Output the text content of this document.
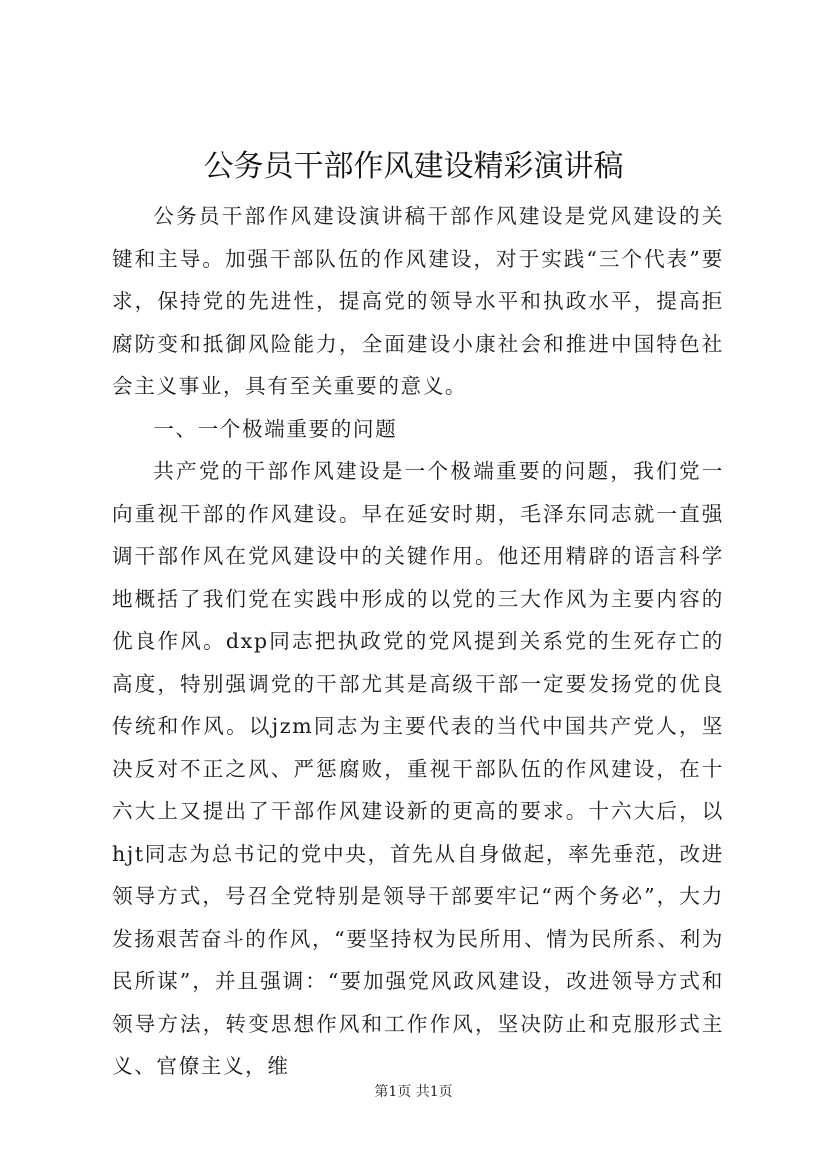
公务员干部作风建设精彩演讲稿

公务员干部作风建设演讲稿干部作风建设是党风建设的关键和主导。加强干部队伍的作风建设，对于实践“三个代表”要求，保持党的先进性，提高党的领导水平和执政水平，提高拒腐防变和抵御风险能力，全面建设小康社会和推进中国特色社会主义事业，具有至关重要的意义。

一、一个极端重要的问题

共产党的干部作风建设是一个极端重要的问题，我们党一向重视干部的作风建设。早在延安时期，毛泽东同志就一直强调干部作风在党风建设中的关键作用。他还用精辟的语言科学地概括了我们党在实践中形成的以党的三大作风为主要内容的优良作风。dxp同志把执政党的党风提到关系党的生死存亡的高度，特别强调党的干部尤其是高级干部一定要发扬党的优良传统和作风。以jzm同志为主要代表的当代中国共产党人，坚决反对不正之风、严惩腐败，重视干部队伍的作风建设，在十六大上又提出了干部作风建设新的更高的要求。十六大后，以hjt同志为总书记的党中央，首先从自身做起，率先垂范，改进领导方式，号召全党特别是领导干部要牢记“两个务必”，大力发扬艰苦奋斗的作风，“要坚持权为民所用、情为民所系、利为民所谋”，并且强调：“要加强党风政风建设，改进领导方式和领导方法，转变思想作风和工作作风，坚决防止和克服形式主义、官僚主义，维

第1页 共1页
